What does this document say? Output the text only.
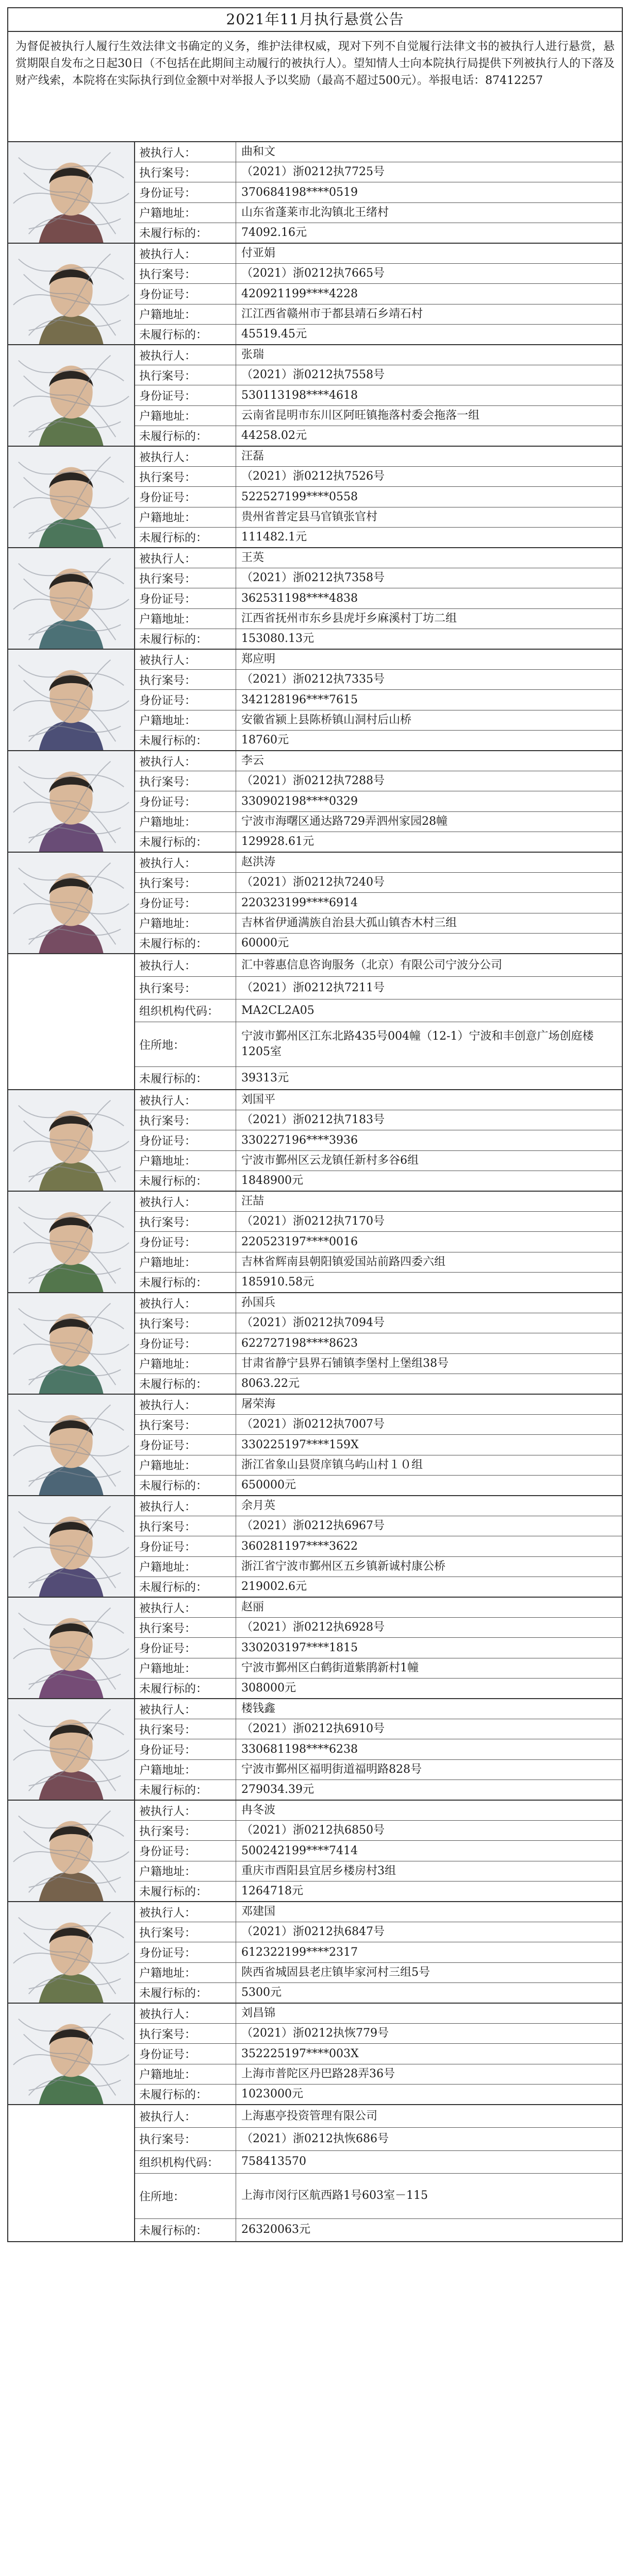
2021年11月执行悬赏公告
为督促被执行人履行生效法律文书确定的义务，维护法律权威，现对下列不自觉履行法律文书的被执行人进行悬赏，悬赏期限自发布之日起30日（不包括在此期间主动履行的被执行人）。望知情人士向本院执行局提供下列被执行人的下落及财产线索，本院将在实际执行到位金额中对举报人予以奖励（最高不超过500元）。举报电话：87412257
被执行人：	曲和文
执行案号：	（2021）浙0212执7725号
身份证号：	370684198****0519
户籍地址：	山东省蓬莱市北沟镇北王绪村
未履行标的：	74092.16元
被执行人：	付亚娟
执行案号：	（2021）浙0212执7665号
身份证号：	420921199****4228
户籍地址：	江江西省赣州市于都县靖石乡靖石村
未履行标的：	45519.45元
被执行人：	张瑞
执行案号：	（2021）浙0212执7558号
身份证号：	530113198****4618
户籍地址：	云南省昆明市东川区阿旺镇拖落村委会拖落一组
未履行标的：	44258.02元
被执行人：	汪磊
执行案号：	（2021）浙0212执7526号
身份证号：	522527199****0558
户籍地址：	贵州省普定县马官镇张官村
未履行标的：	111482.1元
被执行人：	王英
执行案号：	（2021）浙0212执7358号
身份证号：	362531198****4838
户籍地址：	江西省抚州市东乡县虎圩乡麻溪村丁坊二组
未履行标的：	153080.13元
被执行人：	郑应明
执行案号：	（2021）浙0212执7335号
身份证号：	342128196****7615
户籍地址：	安徽省颍上县陈桥镇山洞村后山桥
未履行标的：	18760元
被执行人：	李云
执行案号：	（2021）浙0212执7288号
身份证号：	330902198****0329
户籍地址：	宁波市海曙区通达路729弄泗州家园28幢
未履行标的：	129928.61元
被执行人：	赵洪涛
执行案号：	（2021）浙0212执7240号
身份证号：	220323199****6914
户籍地址：	吉林省伊通满族自治县大孤山镇杏木村三组
未履行标的：	60000元
被执行人：	汇中蓉惠信息咨询服务（北京）有限公司宁波分公司
执行案号：	（2021）浙0212执7211号
组织机构代码：	MA2CL2A05
住所地：
宁波市鄞州区江东北路435号004幢（12-1）宁波和丰创意广场创庭楼1205室
未履行标的：	39313元
被执行人：	刘国平
执行案号：	（2021）浙0212执7183号
身份证号：	330227196****3936
户籍地址：	宁波市鄞州区云龙镇任新村多谷6组
未履行标的：	1848900元
被执行人：	汪喆
执行案号：	（2021）浙0212执7170号
身份证号：	220523197****0016
户籍地址：	吉林省辉南县朝阳镇爱国站前路四委六组
未履行标的：	185910.58元
被执行人：	孙国兵
执行案号：	（2021）浙0212执7094号
身份证号：	622727198****8623
户籍地址：	甘肃省静宁县界石铺镇李堡村上堡组38号
未履行标的：	8063.22元
被执行人：	屠荣海
执行案号：	（2021）浙0212执7007号
身份证号：	330225197****159X
户籍地址：	浙江省象山县贤庠镇乌屿山村１０组
未履行标的：	650000元
被执行人：	余月英
执行案号：	（2021）浙0212执6967号
身份证号：	360281197****3622
户籍地址：	浙江省宁波市鄞州区五乡镇新诚村康公桥
未履行标的：	219002.6元
被执行人：	赵丽
执行案号：	（2021）浙0212执6928号
身份证号：	330203197****1815
户籍地址：	宁波市鄞州区白鹤街道紫鹃新村1幢
未履行标的：	308000元
被执行人：	楼钱鑫
执行案号：	（2021）浙0212执6910号
身份证号：	330681198****6238
户籍地址：	宁波市鄞州区福明街道福明路828号
未履行标的：	279034.39元
被执行人：	冉冬波
执行案号：	（2021）浙0212执6850号
身份证号：	500242199****7414
户籍地址：	重庆市酉阳县宜居乡楼房村3组
未履行标的：	1264718元
被执行人：	邓建国
执行案号：	（2021）浙0212执6847号
身份证号：	612322199****2317
户籍地址：	陕西省城固县老庄镇毕家河村三组5号
未履行标的：	5300元
被执行人：	刘昌锦
执行案号：	（2021）浙0212执恢779号
身份证号：	352225197****003X
户籍地址：	上海市普陀区丹巴路28弄36号
未履行标的：	1023000元
被执行人：	上海惠亭投资管理有限公司
执行案号：	（2021）浙0212执恢686号
组织机构代码：	758413570
住所地：	上海市闵行区航西路1号603室－115
未履行标的：	26320063元
